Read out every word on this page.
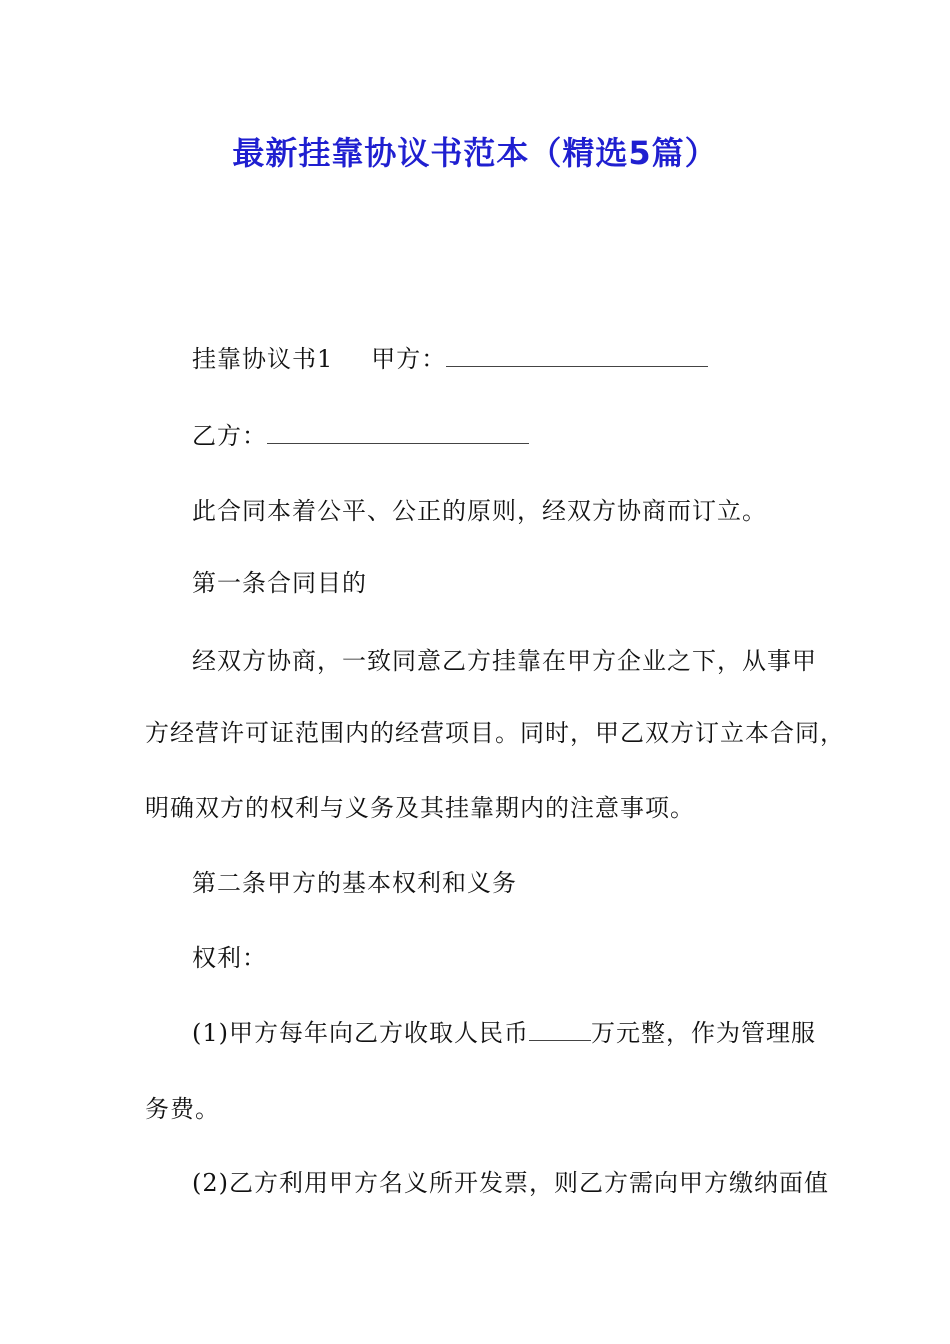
最新挂靠协议书范本（精选5篇）
挂靠协议书1 甲方：
乙方：
此合同本着公平、公正的原则，经双方协商而订立。
第一条合同目的
经双方协商，一致同意乙方挂靠在甲方企业之下，从事甲
方经营许可证范围内的经营项目。同时，甲乙双方订立本合同，
明确双方的权利与义务及其挂靠期内的注意事项。
第二条甲方的基本权利和义务
权利：
(1)甲方每年向乙方收取人民币	万元整，作为管理服
务费。
(2)乙方利用甲方名义所开发票，则乙方需向甲方缴纳面值
